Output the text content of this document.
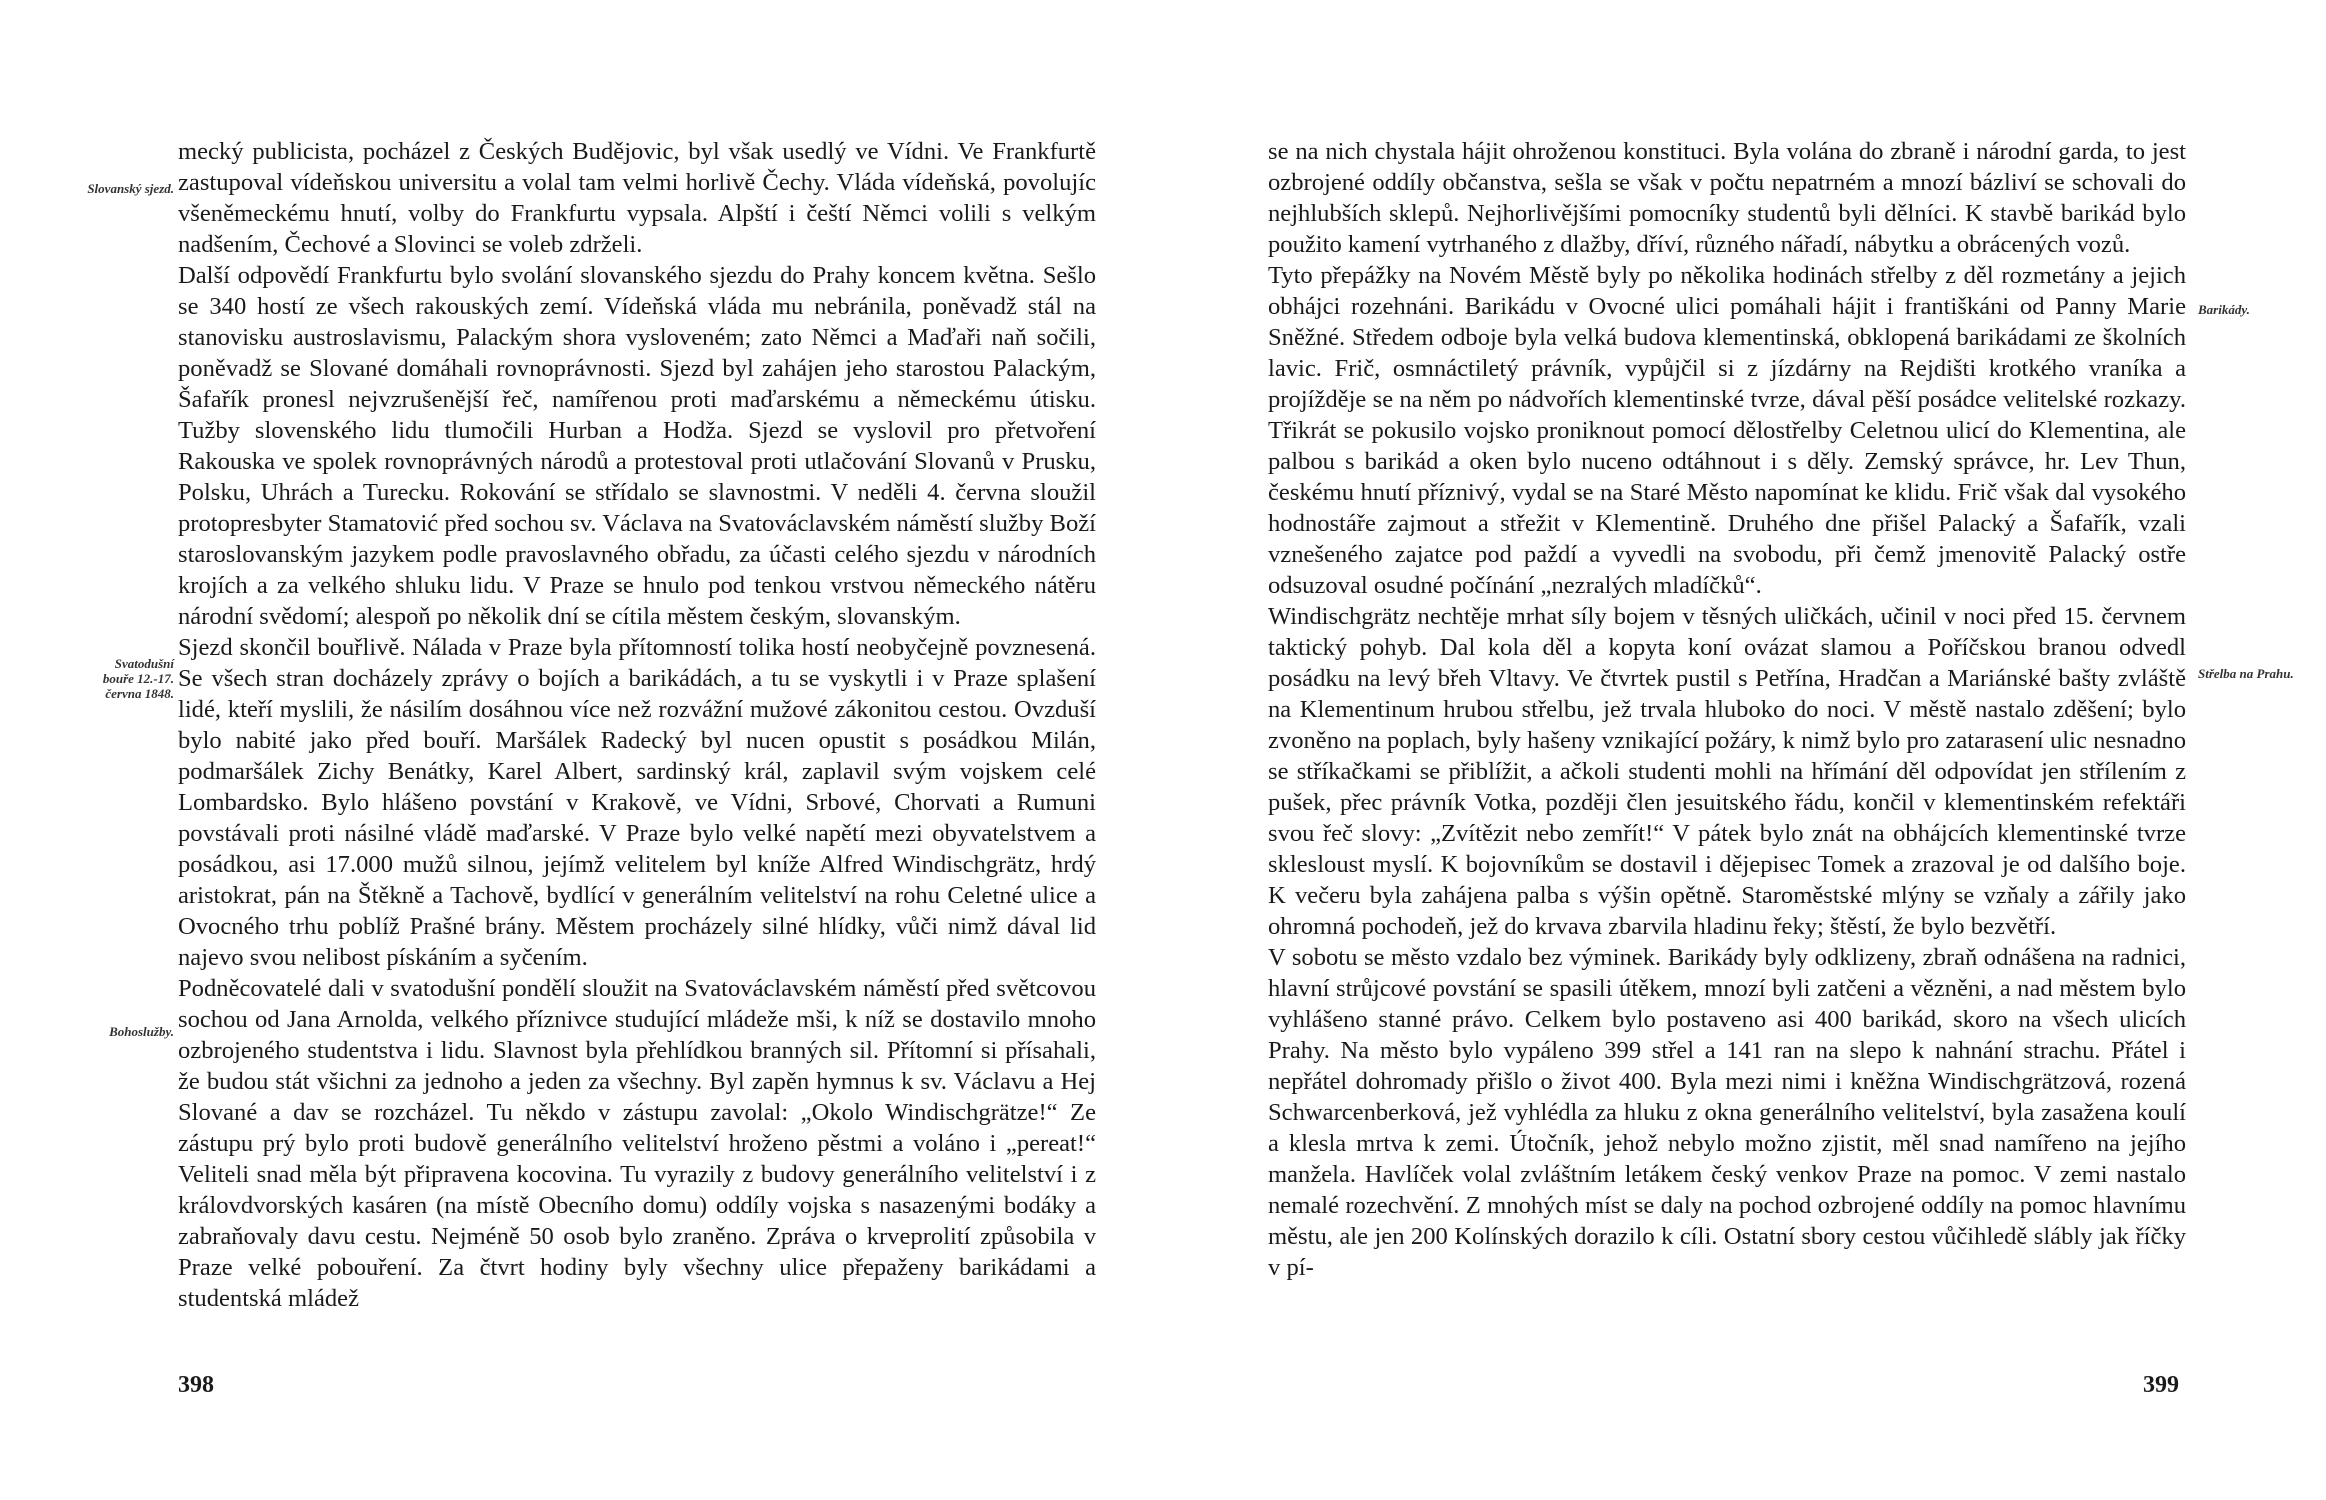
mecký publicista, pocházel z Českých Budějovic, byl však usedlý ve Vídni. Ve Frankfurtě zastupoval vídeňskou universitu a volal tam velmi horlivě Čechy. Vláda vídeňská, povolujíc všeněmeckému hnutí, volby do Frankfurtu vypsala. Alpští i čeští Němci volili s velkým nadšením, Čechové a Slovinci se voleb zdrželi.

Další odpovědí Frankfurtu bylo svolání slovanského sjezdu do Prahy koncem května. Sešlo se 340 hostí ze všech rakouských zemí. Vídeňská vláda mu nebránila, poněvadž stál na stanovisku austroslavismu, Palackým shora vysloveném; zato Němci a Maďaři naň sočili, poněvadž se Slované domáhali rovnoprávnosti. Sjezd byl zahájen jeho starostou Palackým, Šafařík pronesl nejvzrušenější řeč, namířenou proti maďarskému a německému útisku. Tužby slovenského lidu tlumočili Hurban a Hodža. Sjezd se vyslovil pro přetvoření Rakouska ve spolek rovnoprávných národů a protestoval proti utlačování Slovanů v Prusku, Polsku, Uhrách a Turecku. Rokování se střídalo se slavnostmi. V neděli 4. června sloužil protopresbyter Stamatović před sochou sv. Václava na Svatováclavském náměstí služby Boží staroslovanským jazykem podle pravoslavného obřadu, za účasti celého sjezdu v národních krojích a za velkého shluku lidu. V Praze se hnulo pod tenkou vrstvou německého nátěru národní svědomí; alespoň po několik dní se cítila městem českým, slovanským.

Sjezd skončil bouřlivě. Nálada v Praze byla přítomností tolika hostí neobyčejně povznesená. Se všech stran docházely zprávy o bojích a barikádách, a tu se vyskytli i v Praze splašení lidé, kteří myslili, že násilím dosáhnou více než rozvážní mužové zákonitou cestou. Ovzduší bylo nabité jako před bouří. Maršálek Radecký byl nucen opustit s posádkou Milán, podmaršálek Zichy Benátky, Karel Albert, sardinský král, zaplavil svým vojskem celé Lombardsko. Bylo hlášeno povstání v Krakově, ve Vídni, Srbové, Chorvati a Rumuni povstávali proti násilné vládě maďarské. V Praze bylo velké napětí mezi obyvatelstvem a posádkou, asi 17.000 mužů silnou, jejímž velitelem byl kníže Alfred Windischgrätz, hrdý aristokrat, pán na Štěkně a Tachově, bydlící v generálním velitelství na rohu Celetné ulice a Ovocného trhu poblíž Prašné brány. Městem procházely silné hlídky, vůči nimž dával lid najevo svou nelibost pískáním a syčením.

Podněcovatelé dali v svatodušní pondělí sloužit na Svatováclavském náměstí před světcovou sochou od Jana Arnolda, velkého příznivce studující mládeže mši, k níž se dostavilo mnoho ozbrojeného studentstva i lidu. Slavnost byla přehlídkou branných sil. Přítomní si přísahali, že budou stát všichni za jednoho a jeden za všechny. Byl zapěn hymnus k sv. Václavu a Hej Slované a dav se rozcházel. Tu někdo v zástupu zavolal: „Okolo Windischgrätze!“ Ze zástupu prý bylo proti budově generálního velitelství hroženo pěstmi a voláno i „pereat!“ Veliteli snad měla být připravena kocovina. Tu vyrazily z budovy generálního velitelství i z královdvorských kasáren (na místě Obecního domu) oddíly vojska s nasazenými bodáky a zabraňovaly davu cestu. Nejméně 50 osob bylo zraněno. Zpráva o krveprolití způsobila v Praze velké pobouření. Za čtvrt hodiny byly všechny ulice přepaženy barikádami a studentská mládež

Slovanský sjezd.
Svatodušní bouře 12.-17. června 1848.
Bohoslužby.
398

se na nich chystala hájit ohroženou konstituci. Byla volána do zbraně i národní garda, to jest ozbrojené oddíly občanstva, sešla se však v počtu nepatrném a mnozí bázliví se schovali do nejhlubších sklepů. Nejhorlivějšími pomocníky studentů byli dělníci. K stavbě barikád bylo použito kamení vytrhaného z dlažby, dříví, různého nářadí, nábytku a obrácených vozů.

Tyto přepážky na Novém Městě byly po několika hodinách střelby z děl rozmetány a jejich obhájci rozehnáni. Barikádu v Ovocné ulici pomáhali hájit i františkáni od Panny Marie Sněžné. Středem odboje byla velká budova klementinská, obklopená barikádami ze školních lavic. Frič, osmnáctiletý právník, vypůjčil si z jízdárny na Rejdišti krotkého vraníka a projížděje se na něm po nádvořích klementinské tvrze, dával pěší posádce velitelské rozkazy. Třikrát se pokusilo vojsko proniknout pomocí dělostřelby Celetnou ulicí do Klementina, ale palbou s barikád a oken bylo nuceno odtáhnout i s děly. Zemský správce, hr. Lev Thun, českému hnutí příznivý, vydal se na Staré Město napomínat ke klidu. Frič však dal vysokého hodnostáře zajmout a střežit v Klementině. Druhého dne přišel Palacký a Šafařík, vzali vznešeného zajatce pod paždí a vyvedli na svobodu, při čemž jmenovitě Palacký ostře odsuzoval osudné počínání „nezralých mladíčků“.

Windischgrätz nechtěje mrhat síly bojem v těsných uličkách, učinil v noci před 15. červnem taktický pohyb. Dal kola děl a kopyta koní ovázat slamou a Poříčskou branou odvedl posádku na levý břeh Vltavy. Ve čtvrtek pustil s Petřína, Hradčan a Mariánské bašty zvláště na Klementinum hrubou střelbu, jež trvala hluboko do noci. V městě nastalo zděšení; bylo zvoněno na poplach, byly hašeny vznikající požáry, k nimž bylo pro zatarasení ulic nesnadno se stříkačkami se přiblížit, a ačkoli studenti mohli na hřímání děl odpovídat jen střílením z pušek, přec právník Votka, později člen jesuitského řádu, končil v klementinském refektáři svou řeč slovy: „Zvítězit nebo zemřít!“ V pátek bylo znát na obhájcích klementinské tvrze sklesloust myslí. K bojovníkům se dostavil i dějepisec Tomek a zrazoval je od dalšího boje. K večeru byla zahájena palba s výšin opětně. Staroměstské mlýny se vzňaly a zářily jako ohromná pochodeň, jež do krvava zbarvila hladinu řeky; štěstí, že bylo bezvětří.

V sobotu se město vzdalo bez výminek. Barikády byly odklizeny, zbraň odnášena na radnici, hlavní strůjcové povstání se spasili útěkem, mnozí byli zatčeni a vězněni, a nad městem bylo vyhlášeno stanné právo. Celkem bylo postaveno asi 400 barikád, skoro na všech ulicích Prahy. Na město bylo vypáleno 399 střel a 141 ran na slepo k nahnání strachu. Přátel i nepřátel dohromady přišlo o život 400. Byla mezi nimi i kněžna Windischgrätzová, rozená Schwarcenberková, jež vyhlédla za hluku z okna generálního velitelství, byla zasažena koulí a klesla mrtva k zemi. Útočník, jehož nebylo možno zjistit, měl snad namířeno na jejího manžela. Havlíček volal zvláštním letákem český venkov Praze na pomoc. V zemi nastalo nemalé rozechvění. Z mnohých míst se daly na pochod ozbrojené oddíly na pomoc hlavnímu městu, ale jen 200 Kolínských dorazilo k cíli. Ostatní sbory cestou vůčihledě slábly jak říčky v pí-

Barikády.
Střelba na Prahu.
399
